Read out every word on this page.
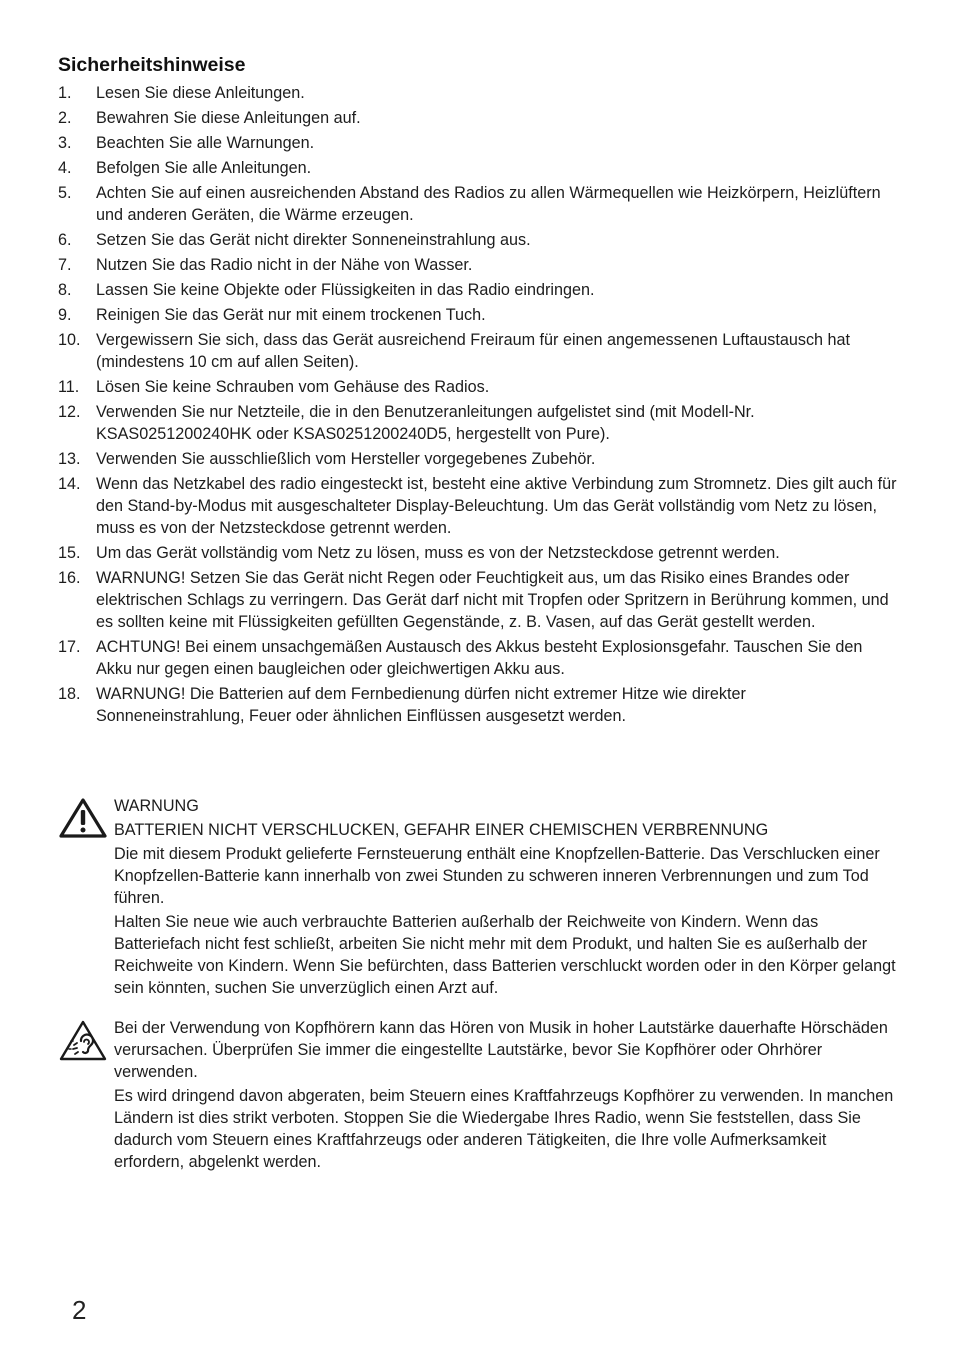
Sicherheitshinweise
1. Lesen Sie diese Anleitungen.
2. Bewahren Sie diese Anleitungen auf.
3. Beachten Sie alle Warnungen.
4. Befolgen Sie alle Anleitungen.
5. Achten Sie auf einen ausreichenden Abstand des Radios zu allen Wärmequellen wie Heizkörpern, Heizlüftern und anderen Geräten, die Wärme erzeugen.
6. Setzen Sie das Gerät nicht direkter Sonneneinstrahlung aus.
7. Nutzen Sie das Radio nicht in der Nähe von Wasser.
8. Lassen Sie keine Objekte oder Flüssigkeiten in das Radio eindringen.
9. Reinigen Sie das Gerät nur mit einem trockenen Tuch.
10. Vergewissern Sie sich, dass das Gerät ausreichend Freiraum für einen angemessenen Luftaustausch hat (mindestens 10 cm auf allen Seiten).
11. Lösen Sie keine Schrauben vom Gehäuse des Radios.
12. Verwenden Sie nur Netzteile, die in den Benutzeranleitungen aufgelistet sind (mit Modell-Nr. KSAS0251200240HK oder KSAS0251200240D5, hergestellt von Pure).
13. Verwenden Sie ausschließlich vom Hersteller vorgegebenes Zubehör.
14. Wenn das Netzkabel des radio eingesteckt ist, besteht eine aktive Verbindung zum Stromnetz. Dies gilt auch für den Stand-by-Modus mit ausgeschalteter Display-Beleuchtung. Um das Gerät vollständig vom Netz zu lösen, muss es von der Netzsteckdose getrennt werden.
15. Um das Gerät vollständig vom Netz zu lösen, muss es von der Netzsteckdose getrennt werden.
16. WARNUNG! Setzen Sie das Gerät nicht Regen oder Feuchtigkeit aus, um das Risiko eines Brandes oder elektrischen Schlags zu verringern. Das Gerät darf nicht mit Tropfen oder Spritzern in Berührung kommen, und es sollten keine mit Flüssigkeiten gefüllten Gegenstände, z. B. Vasen, auf das Gerät gestellt werden.
17. ACHTUNG! Bei einem unsachgemäßen Austausch des Akkus besteht Explosionsgefahr. Tauschen Sie den Akku nur gegen einen baugleichen oder gleichwertigen Akku aus.
18. WARNUNG! Die Batterien auf dem Fernbedienung dürfen nicht extremer Hitze wie direkter Sonneneinstrahlung, Feuer oder ähnlichen Einflüssen ausgesetzt werden.

WARNUNG

BATTERIEN NICHT VERSCHLUCKEN, GEFAHR EINER CHEMISCHEN VERBRENNUNG

Die mit diesem Produkt gelieferte Fernsteuerung enthält eine Knopfzellen-Batterie. Das Verschlucken einer Knopfzellen-Batterie kann innerhalb von zwei Stunden zu schweren inneren Verbrennungen und zum Tod führen.

Halten Sie neue wie auch verbrauchte Batterien außerhalb der Reichweite von Kindern. Wenn das Batteriefach nicht fest schließt, arbeiten Sie nicht mehr mit dem Produkt, und halten Sie es außerhalb der Reichweite von Kindern. Wenn Sie befürchten, dass Batterien verschluckt worden oder in den Körper gelangt sein könnten, suchen Sie unverzüglich einen Arzt auf.

Bei der Verwendung von Kopfhörern kann das Hören von Musik in hoher Lautstärke dauerhafte Hörschäden verursachen. Überprüfen Sie immer die eingestellte Lautstärke, bevor Sie Kopfhörer oder Ohrhörer verwenden.

Es wird dringend davon abgeraten, beim Steuern eines Kraftfahrzeugs Kopfhörer zu verwenden. In manchen Ländern ist dies strikt verboten. Stoppen Sie die Wiedergabe Ihres Radio, wenn Sie feststellen, dass Sie dadurch vom Steuern eines Kraftfahrzeugs oder anderen Tätigkeiten, die Ihre volle Aufmerksamkeit erfordern, abgelenkt werden.

2
